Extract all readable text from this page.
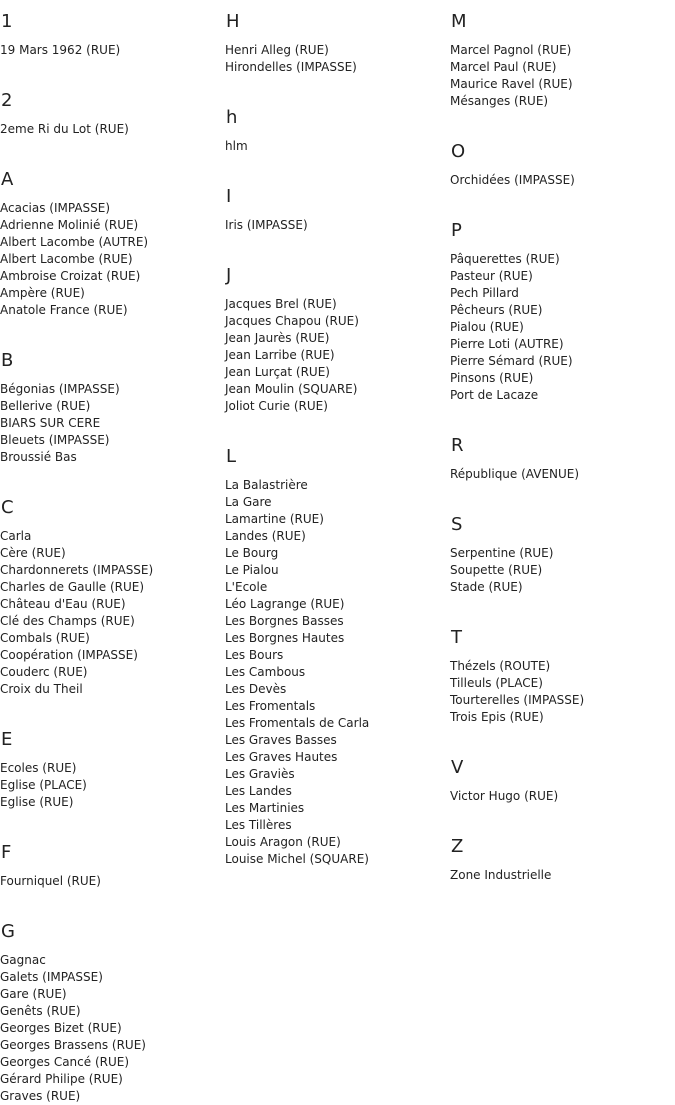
1
19 Mars 1962 (RUE)
2
2eme Ri du Lot (RUE)
A
Acacias (IMPASSE)
Adrienne Molinié (RUE)
Albert Lacombe (AUTRE)
Albert Lacombe (RUE)
Ambroise Croizat (RUE)
Ampère (RUE)
Anatole France (RUE)
B
Bégonias (IMPASSE)
Bellerive (RUE)
BIARS SUR CERE
Bleuets (IMPASSE)
Broussié Bas
C
Carla
Cère (RUE)
Chardonnerets (IMPASSE)
Charles de Gaulle (RUE)
Château d'Eau (RUE)
Clé des Champs (RUE)
Combals (RUE)
Coopération (IMPASSE)
Couderc (RUE)
Croix du Theil
E
Ecoles (RUE)
Eglise (PLACE)
Eglise (RUE)
F
Fourniquel (RUE)
G
Gagnac
Galets (IMPASSE)
Gare (RUE)
Genêts (RUE)
Georges Bizet (RUE)
Georges Brassens (RUE)
Georges Cancé (RUE)
Gérard Philipe (RUE)
Graves (RUE)
H
Henri Alleg (RUE)
Hirondelles (IMPASSE)
h
hlm
I
Iris (IMPASSE)
J
Jacques Brel (RUE)
Jacques Chapou (RUE)
Jean Jaurès (RUE)
Jean Larribe (RUE)
Jean Lurçat (RUE)
Jean Moulin (SQUARE)
Joliot Curie (RUE)
L
La Balastrière
La Gare
Lamartine (RUE)
Landes (RUE)
Le Bourg
Le Pialou
L'Ecole
Léo Lagrange (RUE)
Les Borgnes Basses
Les Borgnes Hautes
Les Bours
Les Cambous
Les Devès
Les Fromentals
Les Fromentals de Carla
Les Graves Basses
Les Graves Hautes
Les Graviès
Les Landes
Les Martinies
Les Tillères
Louis Aragon (RUE)
Louise Michel (SQUARE)
M
Marcel Pagnol (RUE)
Marcel Paul (RUE)
Maurice Ravel (RUE)
Mésanges (RUE)
O
Orchidées (IMPASSE)
P
Pâquerettes (RUE)
Pasteur (RUE)
Pech Pillard
Pêcheurs (RUE)
Pialou (RUE)
Pierre Loti (AUTRE)
Pierre Sémard (RUE)
Pinsons (RUE)
Port de Lacaze
R
République (AVENUE)
S
Serpentine (RUE)
Soupette (RUE)
Stade (RUE)
T
Thézels (ROUTE)
Tilleuls (PLACE)
Tourterelles (IMPASSE)
Trois Epis (RUE)
V
Victor Hugo (RUE)
Z
Zone Industrielle
